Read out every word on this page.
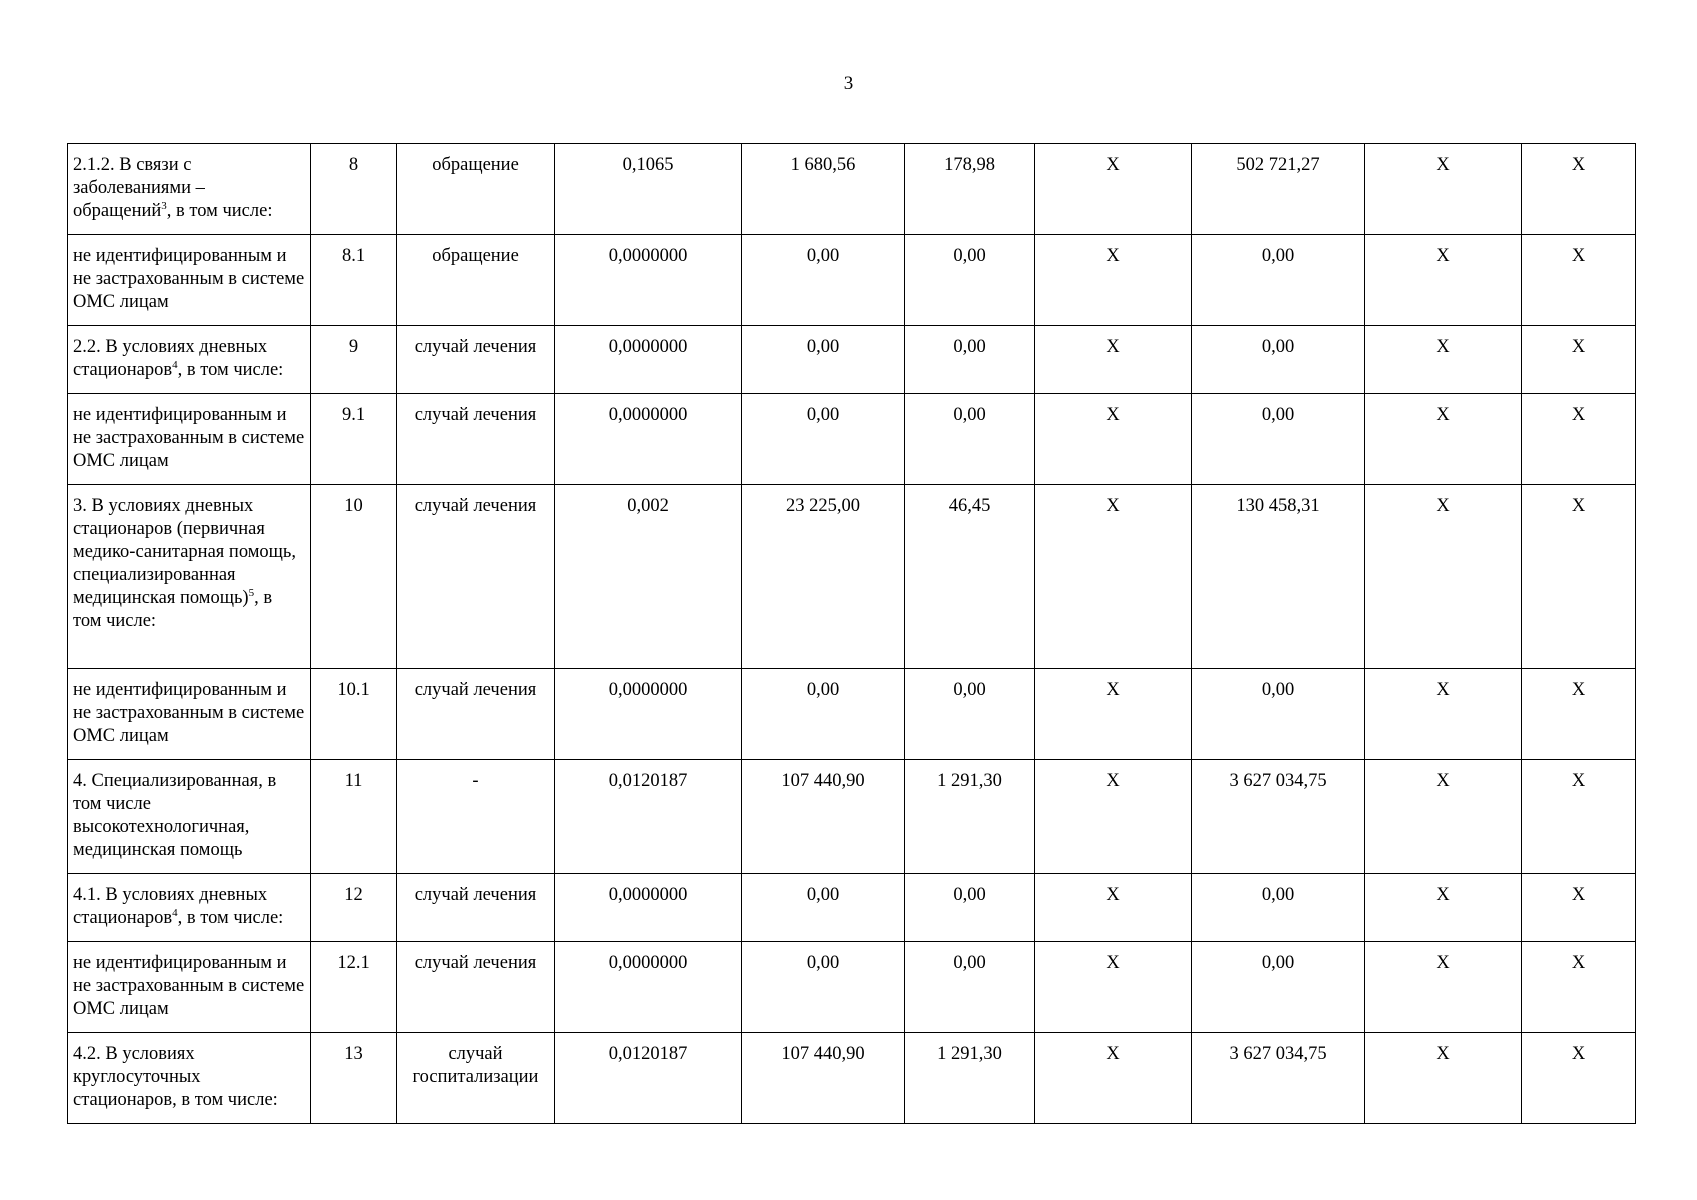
3
2.1.2. В связи с заболеваниями – обращений$^3$, в том числе:	8	обращение	0,1065	1 680,56	178,98	Х	502 721,27	Х	Х
не идентифицированным и не застрахованным в системе ОМС лицам	8.1	обращение	0,0000000	0,00	0,00	Х	0,00	Х	Х
2.2. В условиях дневных стационаров$^4$, в том числе:	9	случай лечения	0,0000000	0,00	0,00	Х	0,00	Х	Х
не идентифицированным и не застрахованным в системе ОМС лицам	9.1	случай лечения	0,0000000	0,00	0,00	Х	0,00	Х	Х
3. В условиях дневных стационаров (первичная медико-санитарная помощь, специализированная медицинская помощь)$^5$, в том числе:	10	случай лечения	0,002	23 225,00	46,45	Х	130 458,31	Х	Х
не идентифицированным и не застрахованным в системе ОМС лицам	10.1	случай лечения	0,0000000	0,00	0,00	Х	0,00	Х	Х
4. Специализированная, в том числе высокотехнологичная, медицинская помощь	11	-	0,0120187	107 440,90	1 291,30	Х	3 627 034,75	Х	Х
4.1. В условиях дневных стационаров$^4$, в том числе:	12	случай лечения	0,0000000	0,00	0,00	Х	0,00	Х	Х
не идентифицированным и не застрахованным в системе ОМС лицам	12.1	случай лечения	0,0000000	0,00	0,00	Х	0,00	Х	Х
4.2. В условиях круглосуточных стационаров, в том числе:	13	случай госпитализации	0,0120187	107 440,90	1 291,30	Х	3 627 034,75	Х	Х
